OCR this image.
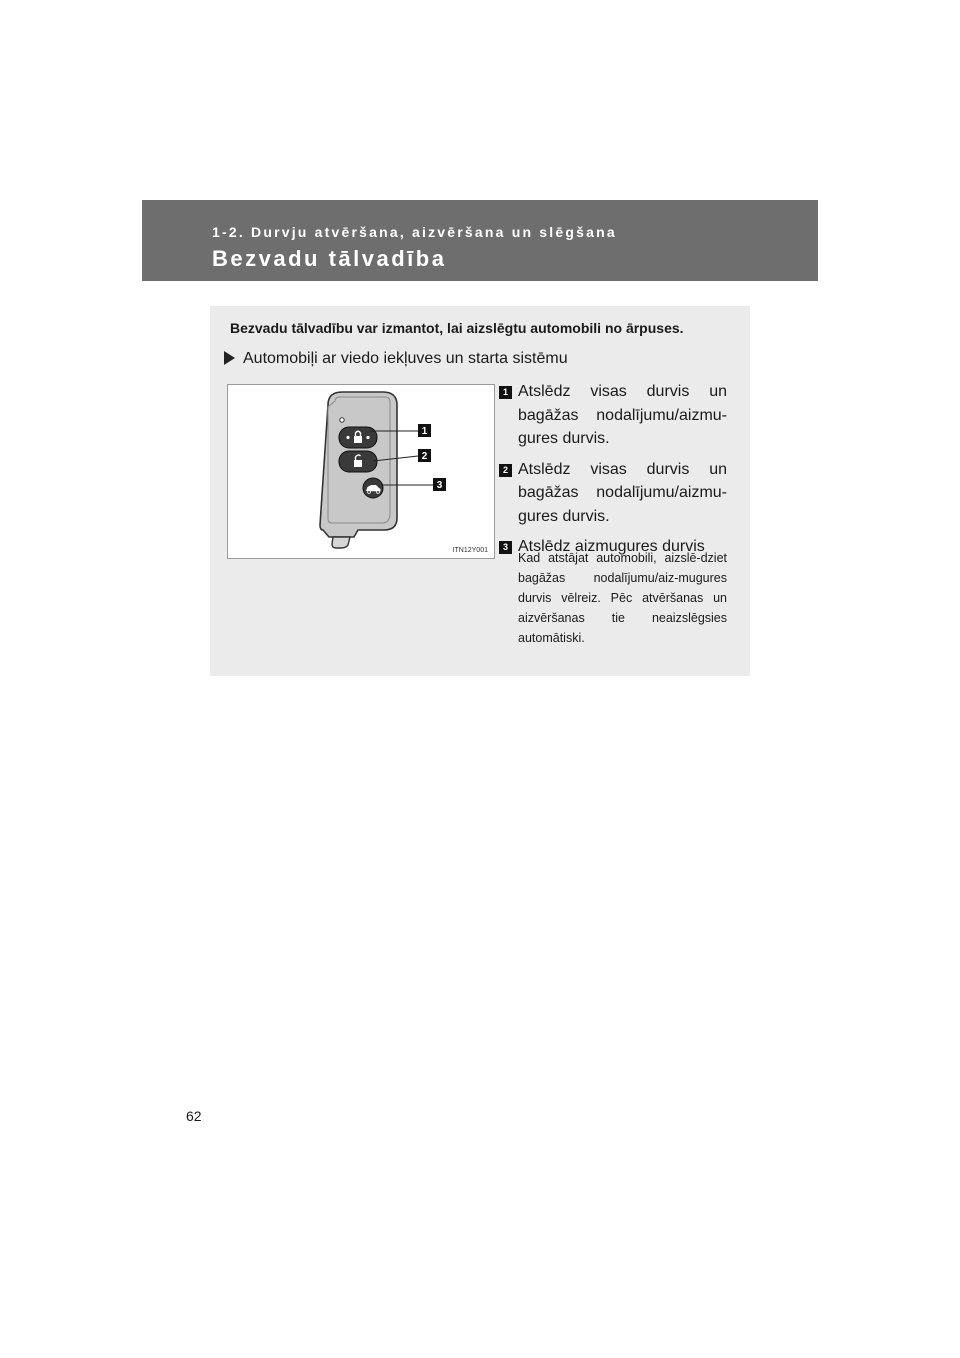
1-2. Durvju atvēršana, aizvēršana un slēgšana
Bezvadu tālvadība
Bezvadu tālvadību var izmantot, lai aizslēgtu automobili no ārpuses.
Automobiļi ar viedo iekļuves un starta sistēmu
1
2
3
ITN12Y001
1 Atslēdz visas durvis un bagāžas nodalījumu/aizmu-gures durvis.
2 Atslēdz visas durvis un bagāžas nodalījumu/aizmu-gures durvis.
3 Atslēdz aizmugures durvis
Kad atstājat automobili, aizslē-dziet bagāžas nodalījumu/aiz-mugures durvis vēlreiz. Pēc atvēršanas un aizvēršanas tie neaizslēgsies automātiski.
62
